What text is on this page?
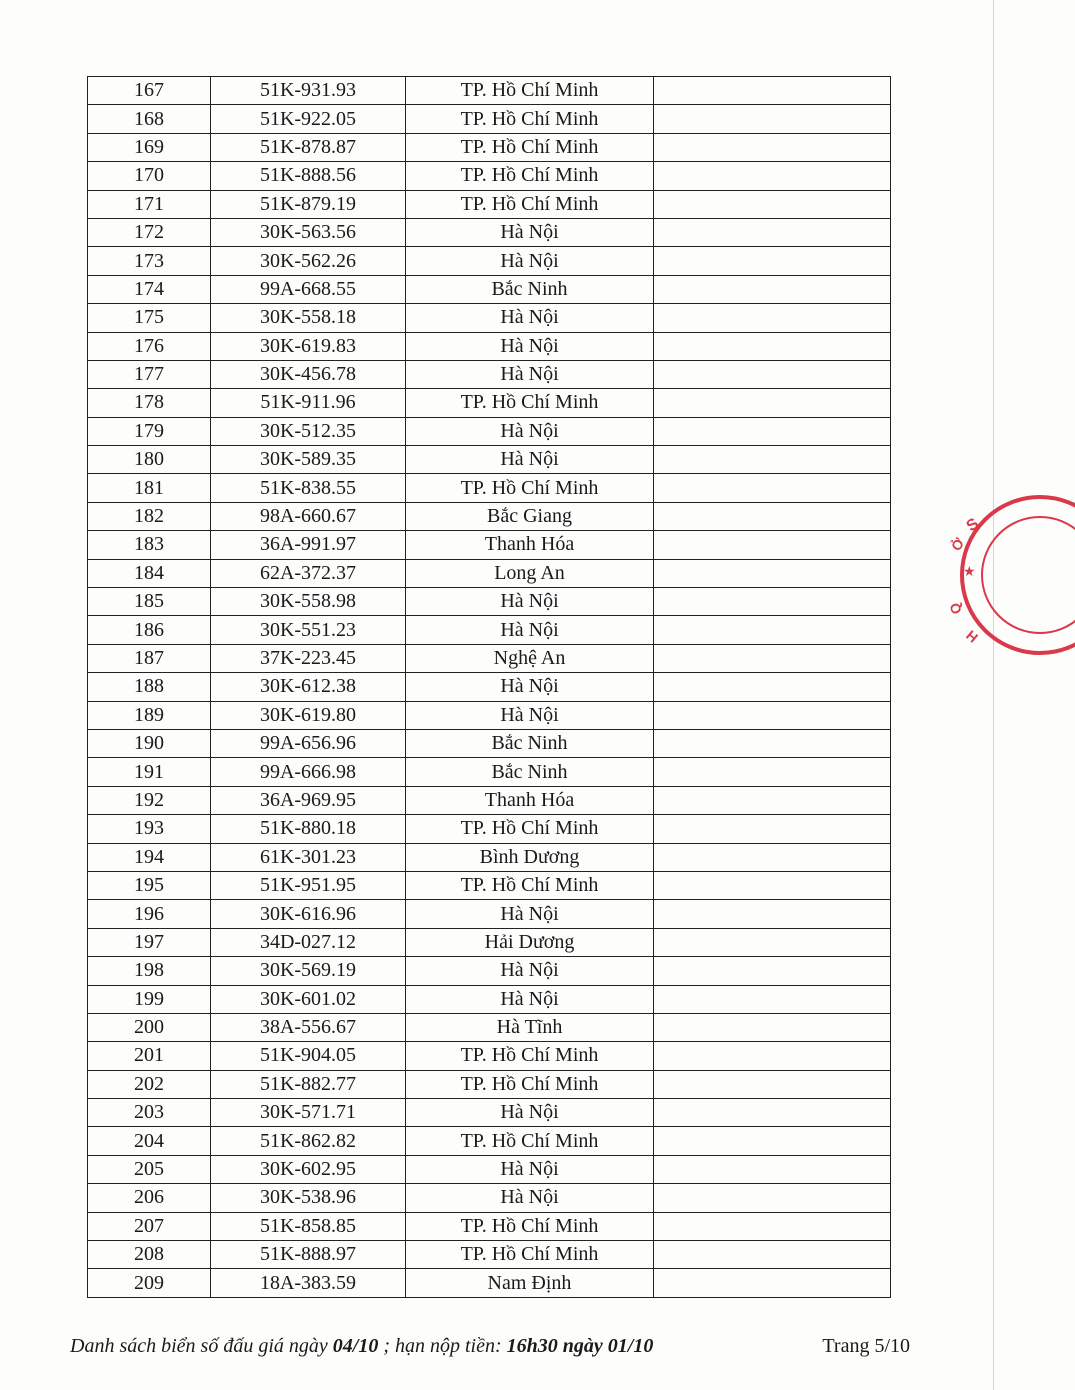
167	51K-931.93	TP. Hồ Chí Minh	
168	51K-922.05	TP. Hồ Chí Minh	
169	51K-878.87	TP. Hồ Chí Minh	
170	51K-888.56	TP. Hồ Chí Minh	
171	51K-879.19	TP. Hồ Chí Minh	
172	30K-563.56	Hà Nội	
173	30K-562.26	Hà Nội	
174	99A-668.55	Bắc Ninh	
175	30K-558.18	Hà Nội	
176	30K-619.83	Hà Nội	
177	30K-456.78	Hà Nội	
178	51K-911.96	TP. Hồ Chí Minh	
179	30K-512.35	Hà Nội	
180	30K-589.35	Hà Nội	
181	51K-838.55	TP. Hồ Chí Minh	
182	98A-660.67	Bắc Giang	
183	36A-991.97	Thanh Hóa	
184	62A-372.37	Long An	
185	30K-558.98	Hà Nội	
186	30K-551.23	Hà Nội	
187	37K-223.45	Nghệ An	
188	30K-612.38	Hà Nội	
189	30K-619.80	Hà Nội	
190	99A-656.96	Bắc Ninh	
191	99A-666.98	Bắc Ninh	
192	36A-969.95	Thanh Hóa	
193	51K-880.18	TP. Hồ Chí Minh	
194	61K-301.23	Bình Dương	
195	51K-951.95	TP. Hồ Chí Minh	
196	30K-616.96	Hà Nội	
197	34D-027.12	Hải Dương	
198	30K-569.19	Hà Nội	
199	30K-601.02	Hà Nội	
200	38A-556.67	Hà Tĩnh	
201	51K-904.05	TP. Hồ Chí Minh	
202	51K-882.77	TP. Hồ Chí Minh	
203	30K-571.71	Hà Nội	
204	51K-862.82	TP. Hồ Chí Minh	
205	30K-602.95	Hà Nội	
206	30K-538.96	Hà Nội	
207	51K-858.85	TP. Hồ Chí Minh	
208	51K-888.97	TP. Hồ Chí Minh	
209	18A-383.59	Nam Định	
S
Ở
★
Q
H
Danh sách biển số đấu giá ngày 04/10 ; hạn nộp tiền: 16h30 ngày 01/10	Trang 5/10
